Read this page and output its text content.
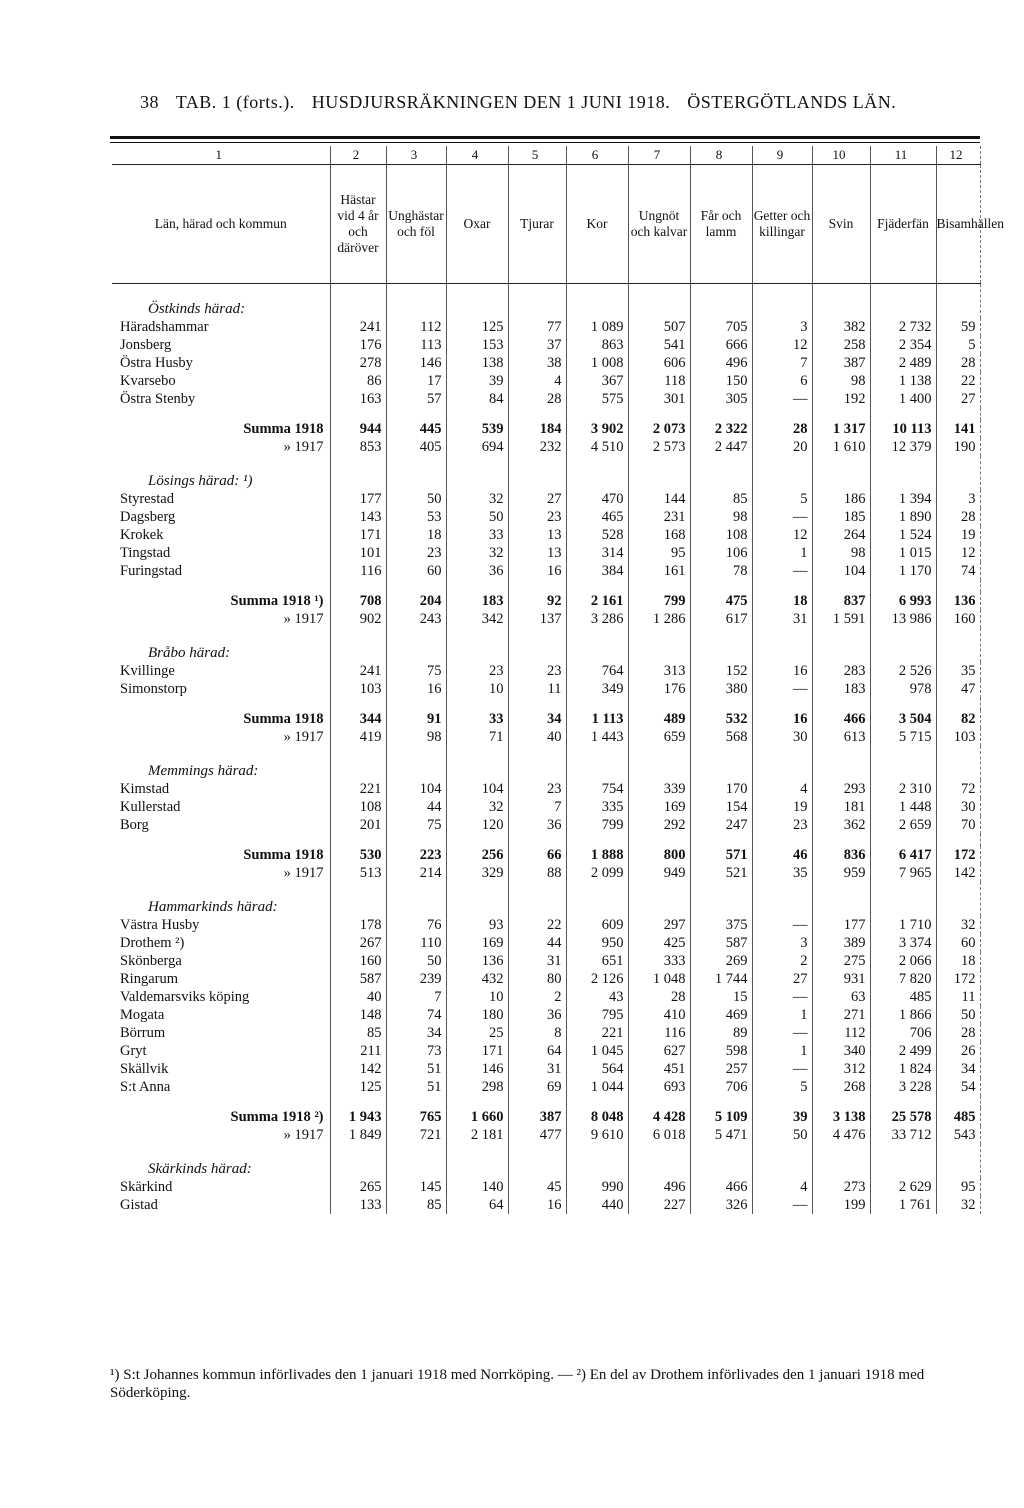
38 TAB. 1 (forts.). HUSDJURSRÄKNINGEN DEN 1 JUNI 1918. ÖSTERGÖTLANDS LÄN.
1	2	3	4	5	6	7	8	9	10	11	12
Län, härad och kommun	Hästar vid 4 år och däröver	Unghästar och föl	Oxar	Tjurar	Kor	Ungnöt och kalvar	Får och lamm	Getter och killingar	Svin	Fjäderfän	Bisamhällen
Östkinds härad:											
Häradshammar	241	112	125	77	1 089	507	705	3	382	2 732	59
Jonsberg	176	113	153	37	863	541	666	12	258	2 354	5
Östra Husby	278	146	138	38	1 008	606	496	7	387	2 489	28
Kvarsebo	86	17	39	4	367	118	150	6	98	1 138	22
Östra Stenby	163	57	84	28	575	301	305	—	192	1 400	27

Summa 1918	944	445	539	184	3 902	2 073	2 322	28	1 317	10 113	141
» 1917	853	405	694	232	4 510	2 573	2 447	20	1 610	12 379	190
Lösings härad: ¹)											
Styrestad	177	50	32	27	470	144	85	5	186	1 394	3
Dagsberg	143	53	50	23	465	231	98	—	185	1 890	28
Krokek	171	18	33	13	528	168	108	12	264	1 524	19
Tingstad	101	23	32	13	314	95	106	1	98	1 015	12
Furingstad	116	60	36	16	384	161	78	—	104	1 170	74

Summa 1918 ¹)	708	204	183	92	2 161	799	475	18	837	6 993	136
» 1917	902	243	342	137	3 286	1 286	617	31	1 591	13 986	160
Bråbo härad:											
Kvillinge	241	75	23	23	764	313	152	16	283	2 526	35
Simonstorp	103	16	10	11	349	176	380	—	183	978	47

Summa 1918	344	91	33	34	1 113	489	532	16	466	3 504	82
» 1917	419	98	71	40	1 443	659	568	30	613	5 715	103
Memmings härad:											
Kimstad	221	104	104	23	754	339	170	4	293	2 310	72
Kullerstad	108	44	32	7	335	169	154	19	181	1 448	30
Borg	201	75	120	36	799	292	247	23	362	2 659	70

Summa 1918	530	223	256	66	1 888	800	571	46	836	6 417	172
» 1917	513	214	329	88	2 099	949	521	35	959	7 965	142
Hammarkinds härad:											
Västra Husby	178	76	93	22	609	297	375	—	177	1 710	32
Drothem ²)	267	110	169	44	950	425	587	3	389	3 374	60
Skönberga	160	50	136	31	651	333	269	2	275	2 066	18
Ringarum	587	239	432	80	2 126	1 048	1 744	27	931	7 820	172
Valdemarsviks köping	40	7	10	2	43	28	15	—	63	485	11
Mogata	148	74	180	36	795	410	469	1	271	1 866	50
Börrum	85	34	25	8	221	116	89	—	112	706	28
Gryt	211	73	171	64	1 045	627	598	1	340	2 499	26
Skällvik	142	51	146	31	564	451	257	—	312	1 824	34
S:t Anna	125	51	298	69	1 044	693	706	5	268	3 228	54

Summa 1918 ²)	1 943	765	1 660	387	8 048	4 428	5 109	39	3 138	25 578	485
» 1917	1 849	721	2 181	477	9 610	6 018	5 471	50	4 476	33 712	543
Skärkinds härad:											
Skärkind	265	145	140	45	990	496	466	4	273	2 629	95
Gistad	133	85	64	16	440	227	326	—	199	1 761	32
¹) S:t Johannes kommun införlivades den 1 januari 1918 med Norrköping. — ²) En del av Drothem införlivades den 1 januari 1918 med Söderköping.
